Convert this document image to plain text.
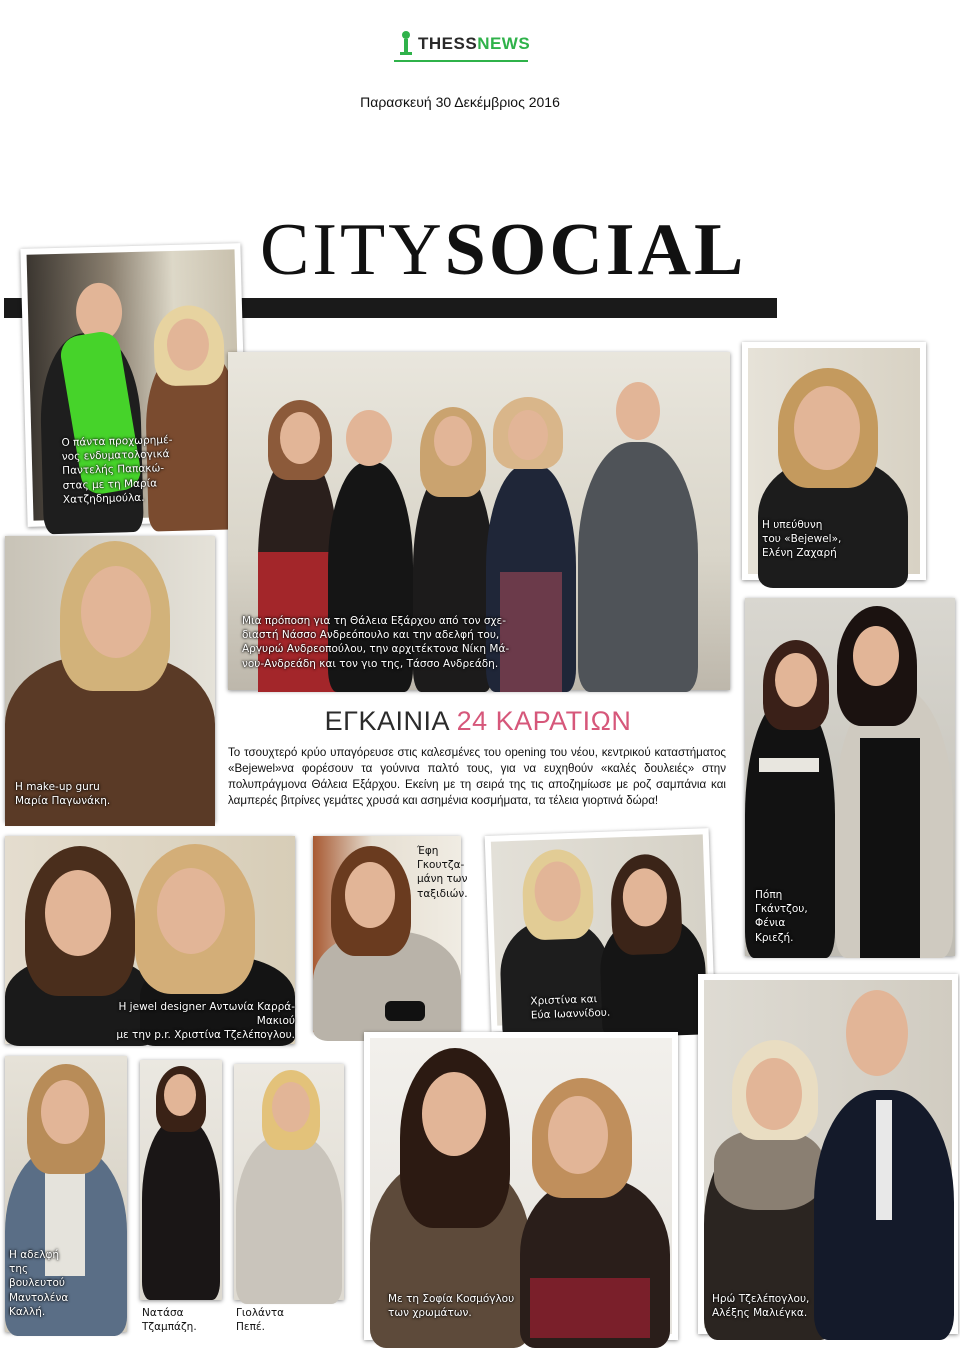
THESSNEWS
Παρασκευή 30 Δεκέμβριος 2016
CITYSOCIAL
Ο πάντα προχωρημέ-
νος ενδυματολογικά
Παντελής Παπακώ-
στας με τη Μαρία
Χατζηδημούλα.
Μια πρόποση για τη Θάλεια Εξάρχου από τον σχε-
διαστή Νάσσο Ανδρεόπουλο και την αδελφή του,
Αργυρώ Ανδρεοπούλου, την αρχιτέκτονα Νίκη Μά-
νου-Ανδρεάδη και τον γιο της, Τάσσο Ανδρεάδη.
Η υπεύθυνη
του «Bejewel»,
Ελένη Ζαχαρή
Η make-up guru
Μαρία Παγωνάκη.
Πόπη
Γκάντζου,
Φένια
Κριεζή.
ΕΓΚΑΙΝΙΑ 24 ΚΑΡΑΤΙΩΝ
Το τσουχτερό κρύο υπαγόρευσε στις καλεσμένες του opening του νέου, κεντρικού καταστήματος «Bejewel»να φορέσουν τα γούνινα παλτό τους, για να ευχηθούν «καλές δουλειές» στην πολυπράγμονα Θάλεια Εξάρχου. Εκείνη με τη σειρά της τις αποζημίωσε με ροζ σαμπάνια και λαμπερές βιτρίνες γεμάτες χρυσά και ασημένια κοσμήματα, τα τέλεια γιορτινά δώρα!
Η jewel designer Αντωνία Καρρά-Μακιού
με την p.r. Χριστίνα Τζελέπογλου.
Έφη
Γκουτζα-
μάνη των
ταξιδιών.
Χριστίνα και
Εύα Ιωαννίδου.
Η αδελφή
της
βουλευτού
Μαντολένα
Καλλή.	Νατάσα
Τζαμπάζη.
Γιολάντα
Πεπέ.
Με τη Σοφία Κοσμόγλου
των χρωμάτων.
Ηρώ Τζελέπογλου,
Αλέξης Μαλιέγκα.
